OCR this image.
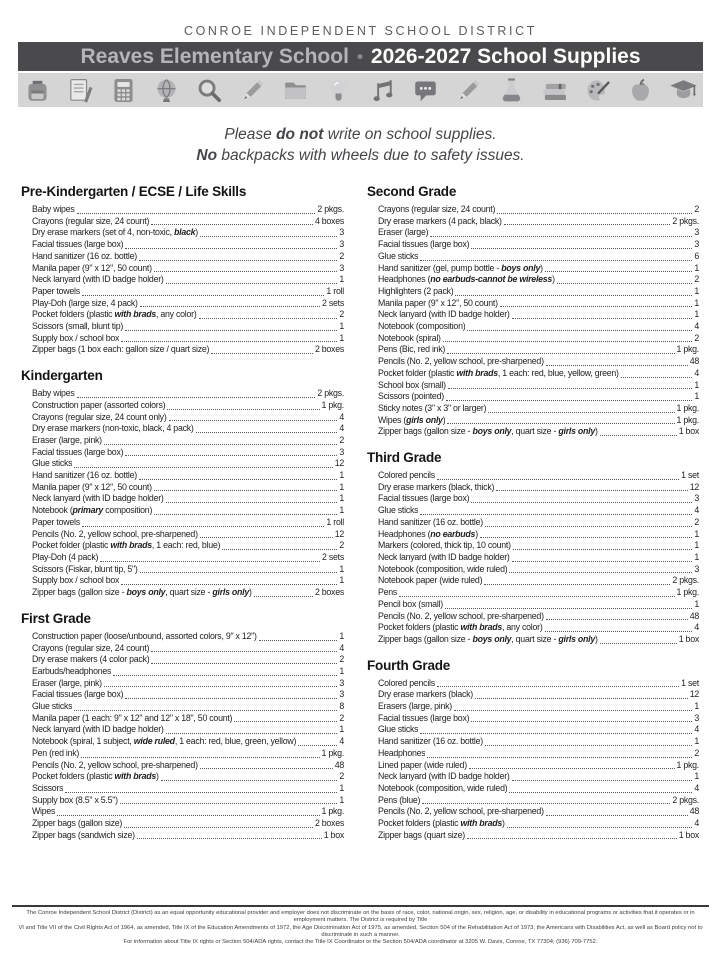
CONROE INDEPENDENT SCHOOL DISTRICT
Reaves Elementary School • 2026-2027 School Supplies
Please do not write on school supplies.
No backpacks with wheels due to safety issues.
Pre-Kindergarten / ECSE / Life Skills
Baby wipes	2 pkgs.
Crayons (regular size, 24 count)	4 boxes
Dry erase markers (set of 4, non-toxic, black)	3
Facial tissues (large box)	3
Hand sanitizer (16 oz. bottle)	2
Manila paper (9" x 12", 50 count)	3
Neck lanyard (with ID badge holder)	1
Paper towels	1 roll
Play-Doh (large size, 4 pack)	2 sets
Pocket folders (plastic with brads, any color)	2
Scissors (small, blunt tip)	1
Supply box / school box	1
Zipper bags (1 box each: gallon size / quart size)	2 boxes
Kindergarten
Baby wipes	2 pkgs.
Construction paper (assorted colors)	1 pkg.
Crayons (regular size, 24 count only)	4
Dry erase markers (non-toxic, black, 4 pack)	4
Eraser (large, pink)	2
Facial tissues (large box)	3
Glue sticks	12
Hand sanitizer (16 oz. bottle)	1
Manila paper (9" x 12", 50 count)	1
Neck lanyard (with ID badge holder)	1
Notebook (primary composition)	1
Paper towels	1 roll
Pencils (No. 2, yellow school, pre-sharpened)	12
Pocket folder (plastic with brads, 1 each: red, blue)	2
Play-Doh (4 pack)	2 sets
Scissors (Fiskar, blunt tip, 5")	1
Supply box / school box	1
Zipper bags (gallon size - boys only, quart size - girls only)	2 boxes
First Grade
Construction paper (loose/unbound, assorted colors, 9" x 12")	1
Crayons (regular size, 24 count)	4
Dry erase makers (4 color pack)	2
Earbuds/headphones	1
Eraser (large, pink)	3
Facial tissues (large box)	3
Glue sticks	8
Manila paper (1 each: 9" x 12" and 12" x 18", 50 count)	2
Neck lanyard (with ID badge holder)	1
Notebook (spiral, 1 subject, wide ruled, 1 each: red, blue, green, yellow)	4
Pen (red ink)	1 pkg.
Pencils (No. 2, yellow school, pre-sharpened)	48
Pocket folders (plastic with brads)	2
Scissors	1
Supply box (8.5" x 5.5")	1
Wipes	1 pkg.
Zipper bags (gallon size)	2 boxes
Zipper bags (sandwich size)	1 box
Second Grade
Crayons (regular size, 24 count)	2
Dry erase markers (4 pack, black)	2 pkgs.
Eraser (large)	3
Facial tissues (large box)	3
Glue sticks	6
Hand sanitizer (gel, pump bottle - boys only)	1
Headphones (no earbuds-cannot be wireless)	2
Highlighters (2 pack)	1
Manila paper (9" x 12", 50 count)	1
Neck lanyard (with ID badge holder)	1
Notebook (composition)	4
Notebook (spiral)	2
Pens (Bic, red ink)	1 pkg.
Pencils (No. 2, yellow school, pre-sharpened)	48
Pocket folder (plastic with brads, 1 each: red, blue, yellow, green)	4
School box (small)	1
Scissors (pointed)	1
Sticky notes (3" x 3" or larger)	1 pkg.
Wipes (girls only)	1 pkg.
Zipper bags (gallon size - boys only, quart size - girls only)	1 box
Third Grade
Colored pencils	1 set
Dry erase markers (black, thick)	12
Facial tissues (large box)	3
Glue sticks	4
Hand sanitizer (16 oz. bottle)	2
Headphones (no earbuds)	1
Markers (colored, thick tip, 10 count)	1
Neck lanyard (with ID badge holder)	1
Notebook (composition, wide ruled)	3
Notebook paper (wide ruled)	2 pkgs.
Pens	1 pkg.
Pencil box (small)	1
Pencils (No. 2, yellow school, pre-sharpened)	48
Pocket folders (plastic with brads, any color)	4
Zipper bags (gallon size - boys only, quart size - girls only)	1 box
Fourth Grade
Colored pencils	1 set
Dry erase markers (black)	12
Erasers (large, pink)	1
Facial tissues (large box)	3
Glue sticks	4
Hand sanitizer (16 oz. bottle)	1
Headphones	2
Lined paper (wide ruled)	1 pkg.
Neck lanyard (with ID badge holder)	1
Notebook (composition, wide ruled)	4
Pens (blue)	2 pkgs.
Pencils (No. 2, yellow school, pre-sharpened)	48
Pocket folders (plastic with brads)	4
Zipper bags (quart size)	1 box

The Conroe Independent School District (District) as an equal opportunity educational provider and employer does not discriminate on the basis of race, color, national origin, sex, religion, age, or disability in educational programs or activities that it operates or in employment matters. The District is required by Title

VI and Title VII of the Civil Rights Act of 1964, as amended, Title IX of the Education Amendments of 1972, the Age Discrimination Act of 1975, as amended, Section 504 of the Rehabilitation Act of 1973, the Americans with Disabilities Act, as well as Board policy not to discriminate in such a manner.

For information about Title IX rights or Section 504/ADA rights, contact the Title IX Coordinator or the Section 504/ADA coordinator at 3205 W. Davis, Conroe, TX 77304; (936) 709-7752.
